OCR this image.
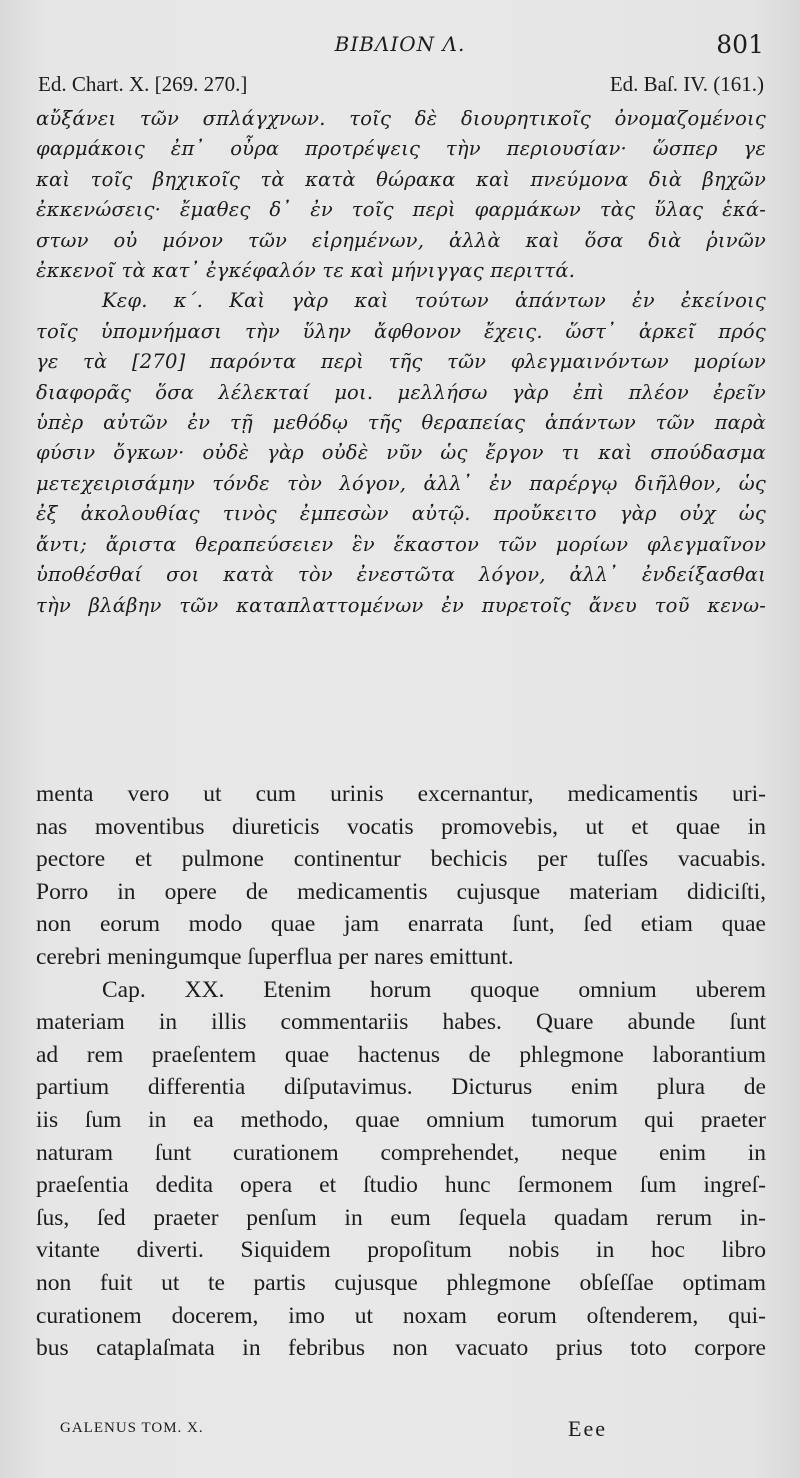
ΒΙΒΛΙΟΝ Λ.	801
Ed. Chart. X. [269. 270.]	Ed. Baſ. IV. (161.)
αὔξάνει τῶν σπλάγχνων. τοῖς δὲ διουρητικοῖς ὀνομαζομένοις
φαρμάκοις ἐπ᾽ οὖρα προτρέψεις τὴν περιουσίαν· ὥσπερ γε
καὶ τοῖς βηχικοῖς τὰ κατὰ θώρακα καὶ πνεύμονα διὰ βηχῶν
ἐκκενώσεις· ἔμαθες δ᾽ ἐν τοῖς περὶ φαρμάκων τὰς ὕλας ἑκά-
στων οὐ μόνον τῶν εἰρημένων, ἀλλὰ καὶ ὅσα διὰ ῥινῶν
ἐκκενοῖ τὰ κατ᾽ ἐγκέφαλόν τε καὶ μήνιγγας περιττά.
Κεφ. κ΄. Καὶ γὰρ καὶ τούτων ἁπάντων ἐν ἐκείνοις
τοῖς ὑπομνήμασι τὴν ὕλην ἄφθονον ἔχεις. ὥστ᾽ ἀρκεῖ πρός
γε τὰ [270] παρόντα περὶ τῆς τῶν φλεγμαινόντων μορίων
διαφορᾶς ὅσα λέλεκταί μοι. μελλήσω γὰρ ἐπὶ πλέον ἐρεῖν
ὑπὲρ αὐτῶν ἐν τῇ μεθόδῳ τῆς θεραπείας ἁπάντων τῶν παρὰ
φύσιν ὄγκων· οὐδὲ γὰρ οὐδὲ νῦν ὡς ἔργον τι καὶ σπούδασμα
μετεχειρισάμην τόνδε τὸν λόγον, ἀλλ᾽ ἐν παρέργῳ διῆλθον, ὡς
ἐξ ἀκολουθίας τινὸς ἐμπεσὼν αὐτῷ. προὔκειτο γὰρ οὐχ ὡς
ἄντι; ἄριστα θεραπεύσειεν ἓν ἕκαστον τῶν μορίων φλεγμαῖνον
ὑποθέσθαί σοι κατὰ τὸν ἐνεστῶτα λόγον, ἀλλ᾽ ἐνδείξασθαι
τὴν βλάβην τῶν καταπλαττομένων ἐν πυρετοῖς ἄνευ τοῦ κενω-
menta vero ut cum urinis excernantur, medicamentis uri-
nas moventibus diureticis vocatis promovebis, ut et quae in
pectore et pulmone continentur bechicis per tuſſes vacuabis.
Porro in opere de medicamentis cujusque materiam didiciſti,
non eorum modo quae jam enarrata ſunt, ſed etiam quae
cerebri meningumque ſuperflua per nares emittunt.
Cap. XX. Etenim horum quoque omnium uberem
materiam in illis commentariis habes. Quare abunde ſunt
ad rem praeſentem quae hactenus de phlegmone laborantium
partium differentia diſputavimus. Dicturus enim plura de
iis ſum in ea methodo, quae omnium tumorum qui praeter
naturam ſunt curationem comprehendet, neque enim in
praeſentia dedita opera et ſtudio hunc ſermonem ſum ingreſ-
ſus, ſed praeter penſum in eum ſequela quadam rerum in-
vitante diverti. Siquidem propoſitum nobis in hoc libro
non fuit ut te partis cujusque phlegmone obſeſſae optimam
curationem docerem, imo ut noxam eorum oſtenderem, qui-
bus cataplaſmata in febribus non vacuato prius toto corpore
GALENUS TOM. X.	Eee
